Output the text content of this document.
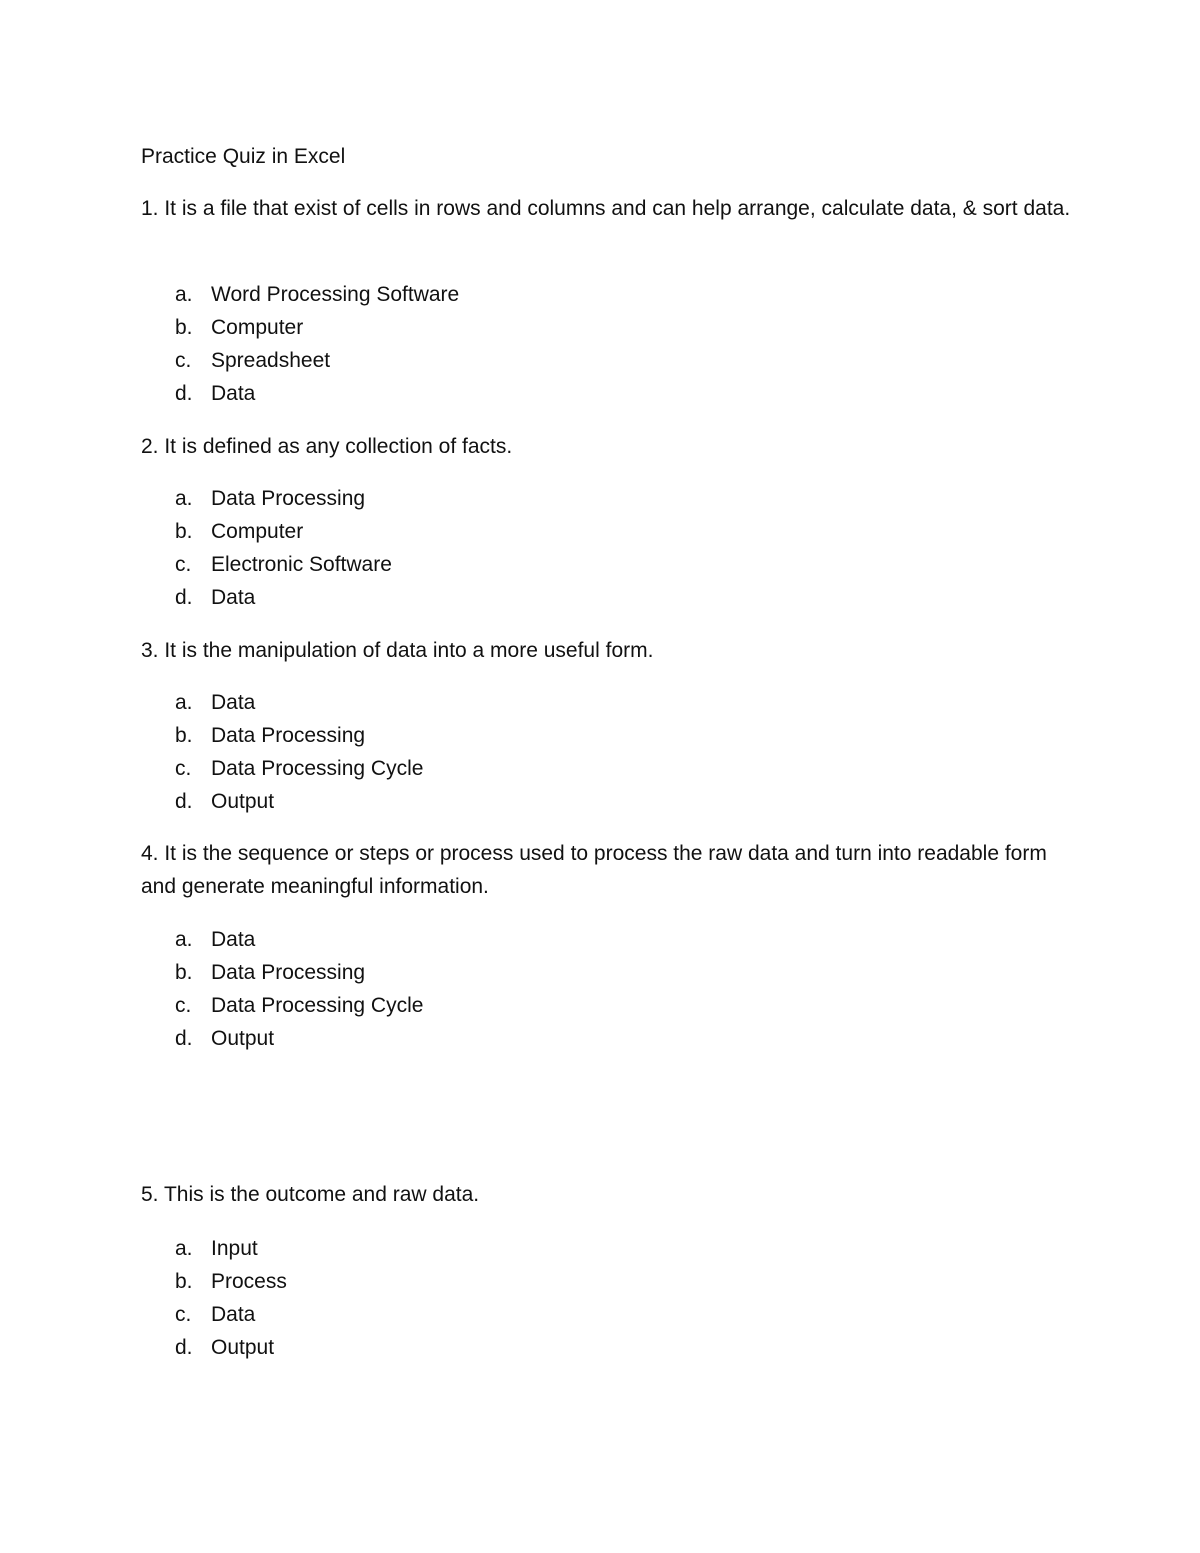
Practice Quiz in Excel
1. It is a file that exist of cells in rows and columns and can help arrange, calculate data, & sort data.
a. Word Processing Software
b. Computer
c. Spreadsheet
d. Data
2. It is defined as any collection of facts.
a. Data Processing
b. Computer
c. Electronic Software
d. Data
3. It is the manipulation of data into a more useful form.
a. Data
b. Data Processing
c. Data Processing Cycle
d. Output
4. It is the sequence or steps or process used to process the raw data and turn into readable form and generate meaningful information.
a. Data
b. Data Processing
c. Data Processing Cycle
d. Output
5. This is the outcome and raw data.
a. Input
b. Process
c. Data
d. Output
